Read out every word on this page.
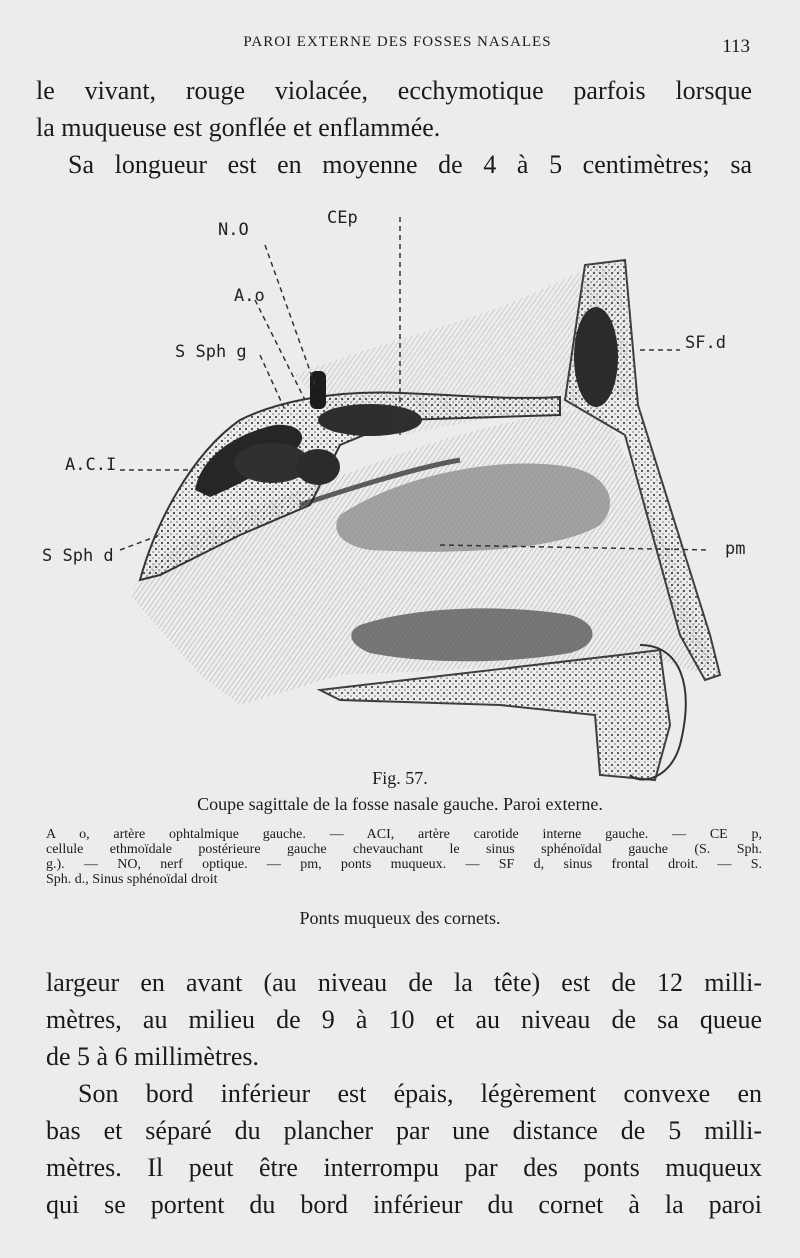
PAROI EXTERNE DES FOSSES NASALES	113
le vivant, rouge violacée, ecchymotique parfois lorsque
la muqueuse est gonflée et enflammée.
Sa longueur est en moyenne de 4 à 5 centimètres; sa
N.O
CEp
A.o
S Sph g	SF.d
A.C.I
S Sph d	pm
Fig. 57.
Coupe sagittale de la fosse nasale gauche. Paroi externe.
A o, artère ophtalmique gauche. — ACI, artère carotide interne gauche. — CE p,
cellule ethmoïdale postérieure gauche chevauchant le sinus sphénoïdal gauche (S. Sph.
g.). — NO, nerf optique. — pm, ponts muqueux. — SF d, sinus frontal droit. — S.
Sph. d., Sinus sphénoïdal droit
Ponts muqueux des cornets.
largeur en avant (au niveau de la tête) est de 12 milli-
mètres, au milieu de 9 à 10 et au niveau de sa queue
de 5 à 6 millimètres.
Son bord inférieur est épais, légèrement convexe en
bas et séparé du plancher par une distance de 5 milli-
mètres. Il peut être interrompu par des ponts muqueux
qui se portent du bord inférieur du cornet à la paroi
